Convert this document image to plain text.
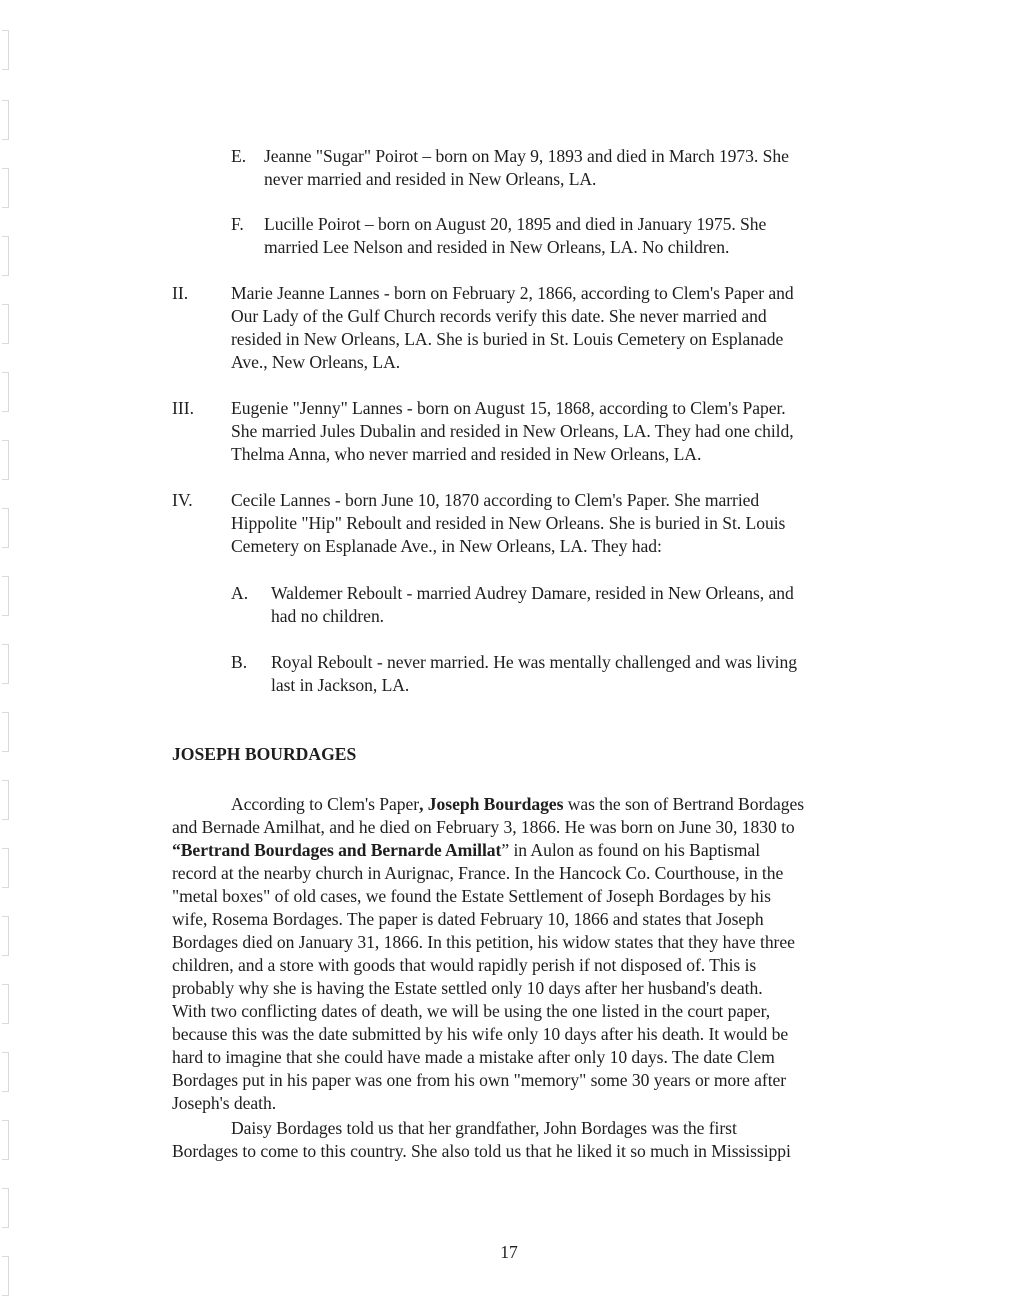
E. Jeanne "Sugar" Poirot – born on May 9, 1893 and died in March 1973. She
never married and resided in New Orleans, LA.
F. Lucille Poirot – born on August 20, 1895 and died in January 1975. She
married Lee Nelson and resided in New Orleans, LA. No children.
II. Marie Jeanne Lannes - born on February 2, 1866, according to Clem's Paper and
Our Lady of the Gulf Church records verify this date. She never married and
resided in New Orleans, LA. She is buried in St. Louis Cemetery on Esplanade
Ave., New Orleans, LA.
III. Eugenie "Jenny" Lannes - born on August 15, 1868, according to Clem's Paper.
She married Jules Dubalin and resided in New Orleans, LA. They had one child,
Thelma Anna, who never married and resided in New Orleans, LA.
IV. Cecile Lannes - born June 10, 1870 according to Clem's Paper. She married
Hippolite "Hip" Reboult and resided in New Orleans. She is buried in St. Louis
Cemetery on Esplanade Ave., in New Orleans, LA. They had:
A. Waldemer Reboult - married Audrey Damare, resided in New Orleans, and
had no children.
B. Royal Reboult - never married. He was mentally challenged and was living
last in Jackson, LA.
JOSEPH BOURDAGES
According to Clem's Paper, Joseph Bourdages was the son of Bertrand Bordages
and Bernade Amilhat, and he died on February 3, 1866. He was born on June 30, 1830 to
“Bertrand Bourdages and Bernarde Amillat” in Aulon as found on his Baptismal
record at the nearby church in Aurignac, France. In the Hancock Co. Courthouse, in the
"metal boxes" of old cases, we found the Estate Settlement of Joseph Bordages by his
wife, Rosema Bordages. The paper is dated February 10, 1866 and states that Joseph
Bordages died on January 31, 1866. In this petition, his widow states that they have three
children, and a store with goods that would rapidly perish if not disposed of. This is
probably why she is having the Estate settled only 10 days after her husband's death.
With two conflicting dates of death, we will be using the one listed in the court paper,
because this was the date submitted by his wife only 10 days after his death. It would be
hard to imagine that she could have made a mistake after only 10 days. The date Clem
Bordages put in his paper was one from his own "memory" some 30 years or more after
Joseph's death.
Daisy Bordages told us that her grandfather, John Bordages was the first
Bordages to come to this country. She also told us that he liked it so much in Mississippi
17
